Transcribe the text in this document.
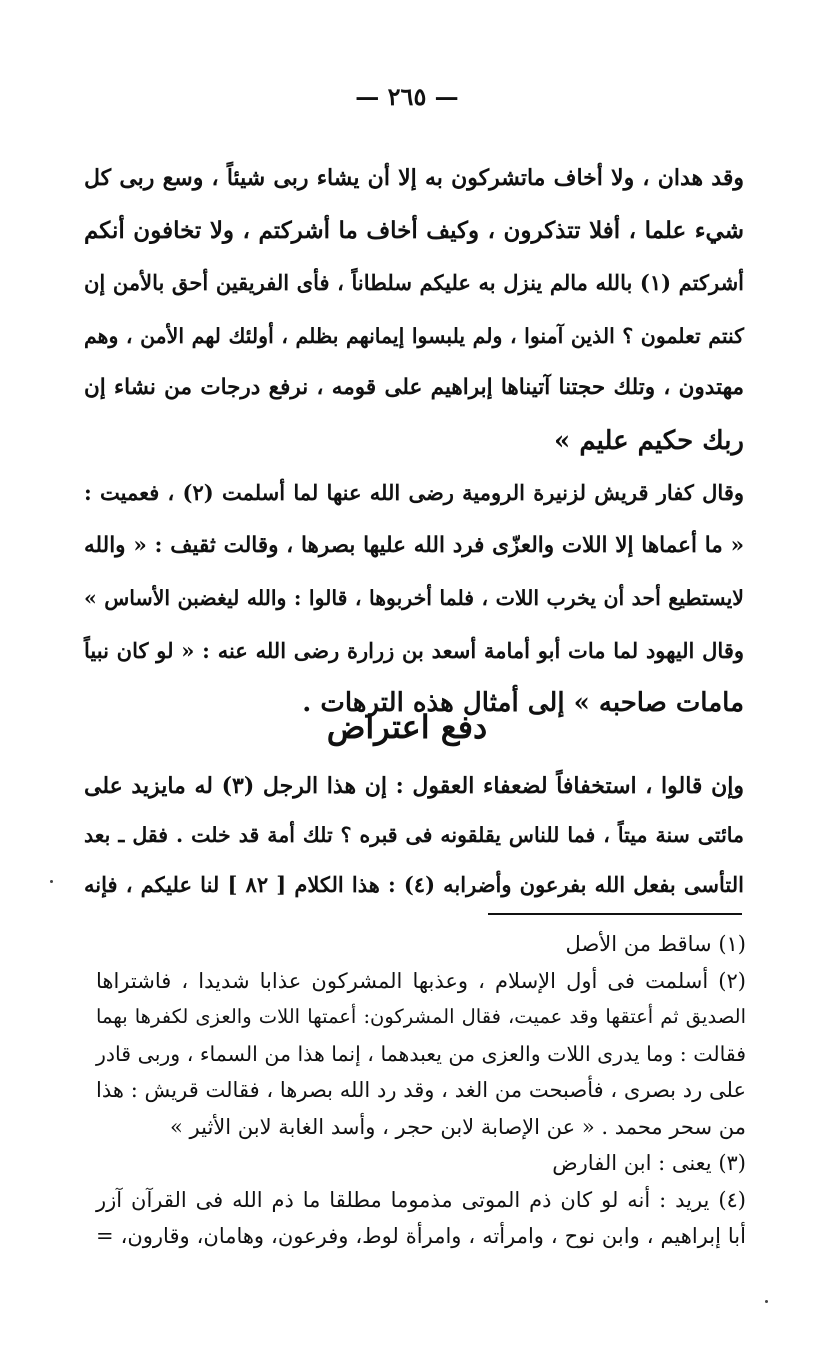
— ٢٦٥ —

وقد هدان ، ولا أخاف ماتشركون به إلا أن يشاء ربى شيئاً ، وسع ربى كل
شيء علما ، أفلا تتذكرون ، وكيف أخاف ما أشركتم ، ولا تخافون أنكم
أشركتم (١) بالله مالم ينزل به عليكم سلطاناً ، فأى الفريقين أحق بالأمن إن
كنتم تعلمون ؟ الذين آمنوا ، ولم يلبسوا إيمانهم بظلم ، أولئك لهم الأمن ، وهم
مهتدون ، وتلك حجتنا آتيناها إبراهيم على قومه ، نرفع درجات من نشاء إن
ربك حكيم عليم »

وقال كفار قريش لزنيرة الرومية رضى الله عنها لما أسلمت (٢) ، فعميت :
« ما أعماها إلا اللات والعزّى فرد الله عليها بصرها ، وقالت ثقيف : « والله
لايستطيع أحد أن يخرب اللات ، فلما أخربوها ، قالوا : والله ليغضبن الأساس »
وقال اليهود لما مات أبو أمامة أسعد بن زرارة رضى الله عنه : « لو كان نبياً
مامات صاحبه » إلى أمثال هذه الترهات .

دفع اعتراض

وإن قالوا ، استخفافاً لضعفاء العقول : إن هذا الرجل (٣) له مايزيد على
مائتى سنة ميتاً ، فما للناس يقلقونه فى قبره ؟ تلك أمة قد خلت . فقل ـ بعد
التأسى بفعل الله بفرعون وأضرابه (٤) : هذا الكلام [ ٨٢ ] لنا عليكم ، فإنه

(١) ساقط من الأصل
(٢) أسلمت فى أول الإسلام ، وعذبها المشركون عذابا شديدا ، فاشتراها
الصديق ثم أعتقها وقد عميت، فقال المشركون: أعمتها اللات والعزى لكفرها بهما
فقالت : وما يدرى اللات والعزى من يعبدهما ، إنما هذا من السماء ، وربى قادر
على رد بصرى ، فأصبحت من الغد ، وقد رد الله بصرها ، فقالت قريش : هذا
من سحر محمد . « عن الإصابة لابن حجر ، وأسد الغابة لابن الأثير »
(٣) يعنى : ابن الفارض
(٤) يريد : أنه لو كان ذم الموتى مذموما مطلقا ما ذم الله فى القرآن آزر
أبا إبراهيم ، وابن نوح ، وامرأته ، وامرأة لوط، وفرعون، وهامان، وقارون، =
